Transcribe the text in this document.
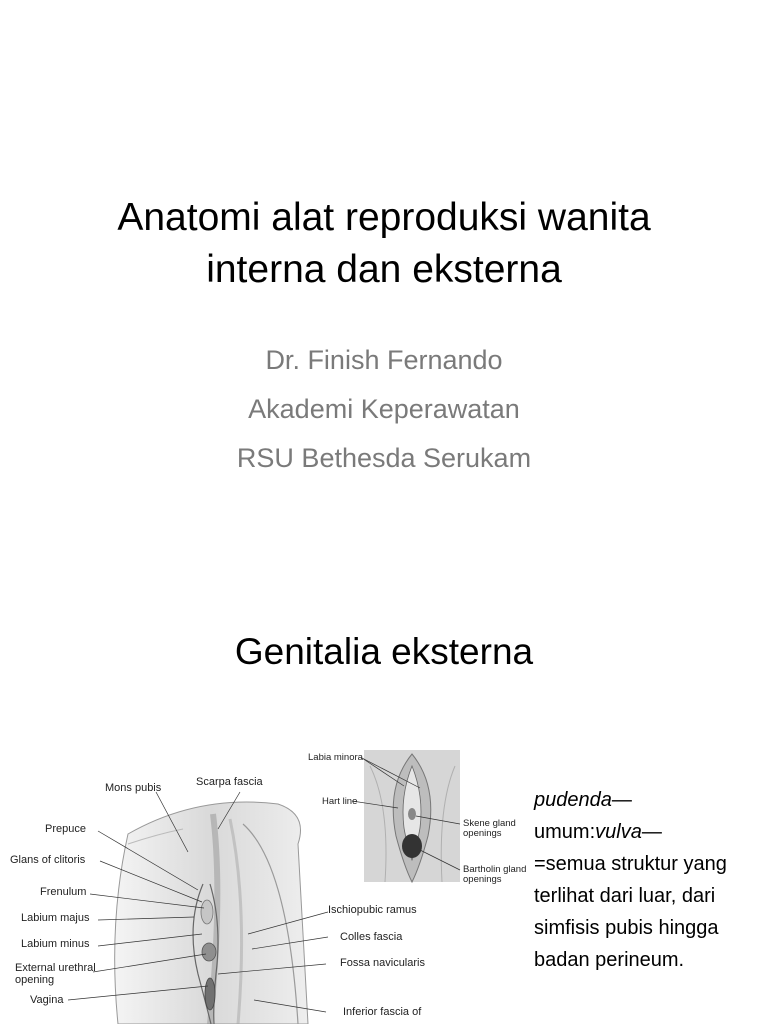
Anatomi alat reproduksi wanita
interna dan eksterna
Dr. Finish Fernando
Akademi Keperawatan
RSU Bethesda Serukam
Genitalia eksterna
Mons pubis	Scarpa fascia
Prepuce
Glans of clitoris
Frenulum
Labium majus
Labium minus
External urethral
opening
Vagina
Ischiopubic ramus
Colles fascia
Fossa navicularis
Inferior fascia of
Labia minora
Hart line
Skene gland
openings
Bartholin gland
openings
pudenda—
umum:vulva—
=semua struktur yang terlihat dari luar, dari simfisis pubis hingga badan perineum.
